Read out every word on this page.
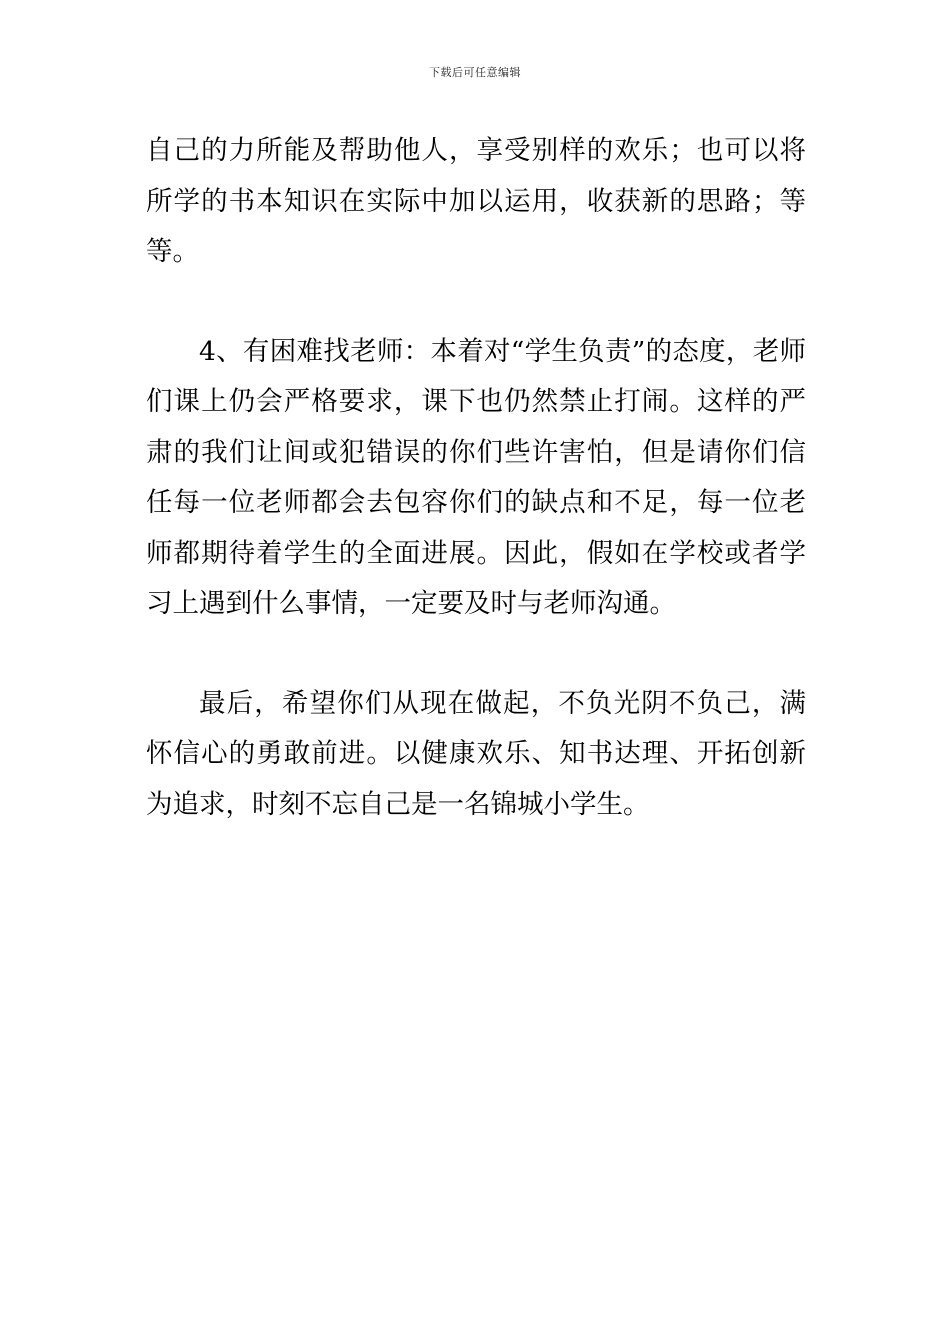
下载后可任意编辑

自己的力所能及帮助他人，享受别样的欢乐；也可以将所学的书本知识在实际中加以运用，收获新的思路；等等。

4、有困难找老师：本着对“学生负责”的态度，老师们课上仍会严格要求，课下也仍然禁止打闹。这样的严肃的我们让间或犯错误的你们些许害怕，但是请你们信任每一位老师都会去包容你们的缺点和不足，每一位老师都期待着学生的全面进展。因此，假如在学校或者学习上遇到什么事情，一定要及时与老师沟通。

最后，希望你们从现在做起，不负光阴不负己，满怀信心的勇敢前进。以健康欢乐、知书达理、开拓创新为追求，时刻不忘自己是一名锦城小学生。
